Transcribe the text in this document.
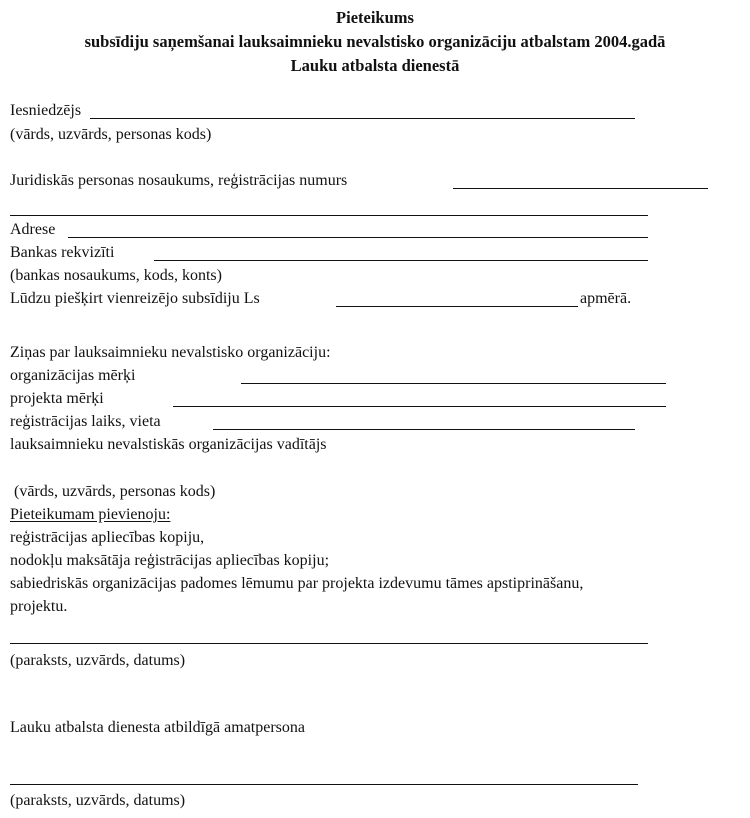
Pieteikums
subsīdiju saņemšanai lauksaimnieku nevalstisko organizāciju atbalstam 2004.gadā
Lauku atbalsta dienestā
Iesniedzējs
(vārds, uzvārds, personas kods)
Juridiskās personas nosaukums, reģistrācijas numurs
Adrese
Bankas rekvizīti
(bankas nosaukums, kods, konts)
Lūdzu piešķirt vienreizējo subsīdiju Ls	apmērā.
Ziņas par lauksaimnieku nevalstisko organizāciju:
organizācijas mērķi
projekta mērķi
reģistrācijas laiks, vieta
lauksaimnieku nevalstiskās organizācijas vadītājs
(vārds, uzvārds, personas kods)
Pieteikumam pievienoju:
reģistrācijas apliecības kopiju,
nodokļu maksātāja reģistrācijas apliecības kopiju;
sabiedriskās organizācijas padomes lēmumu par projekta izdevumu tāmes apstiprināšanu,
projektu.
(paraksts, uzvārds, datums)
Lauku atbalsta dienesta atbildīgā amatpersona
(paraksts, uzvārds, datums)
